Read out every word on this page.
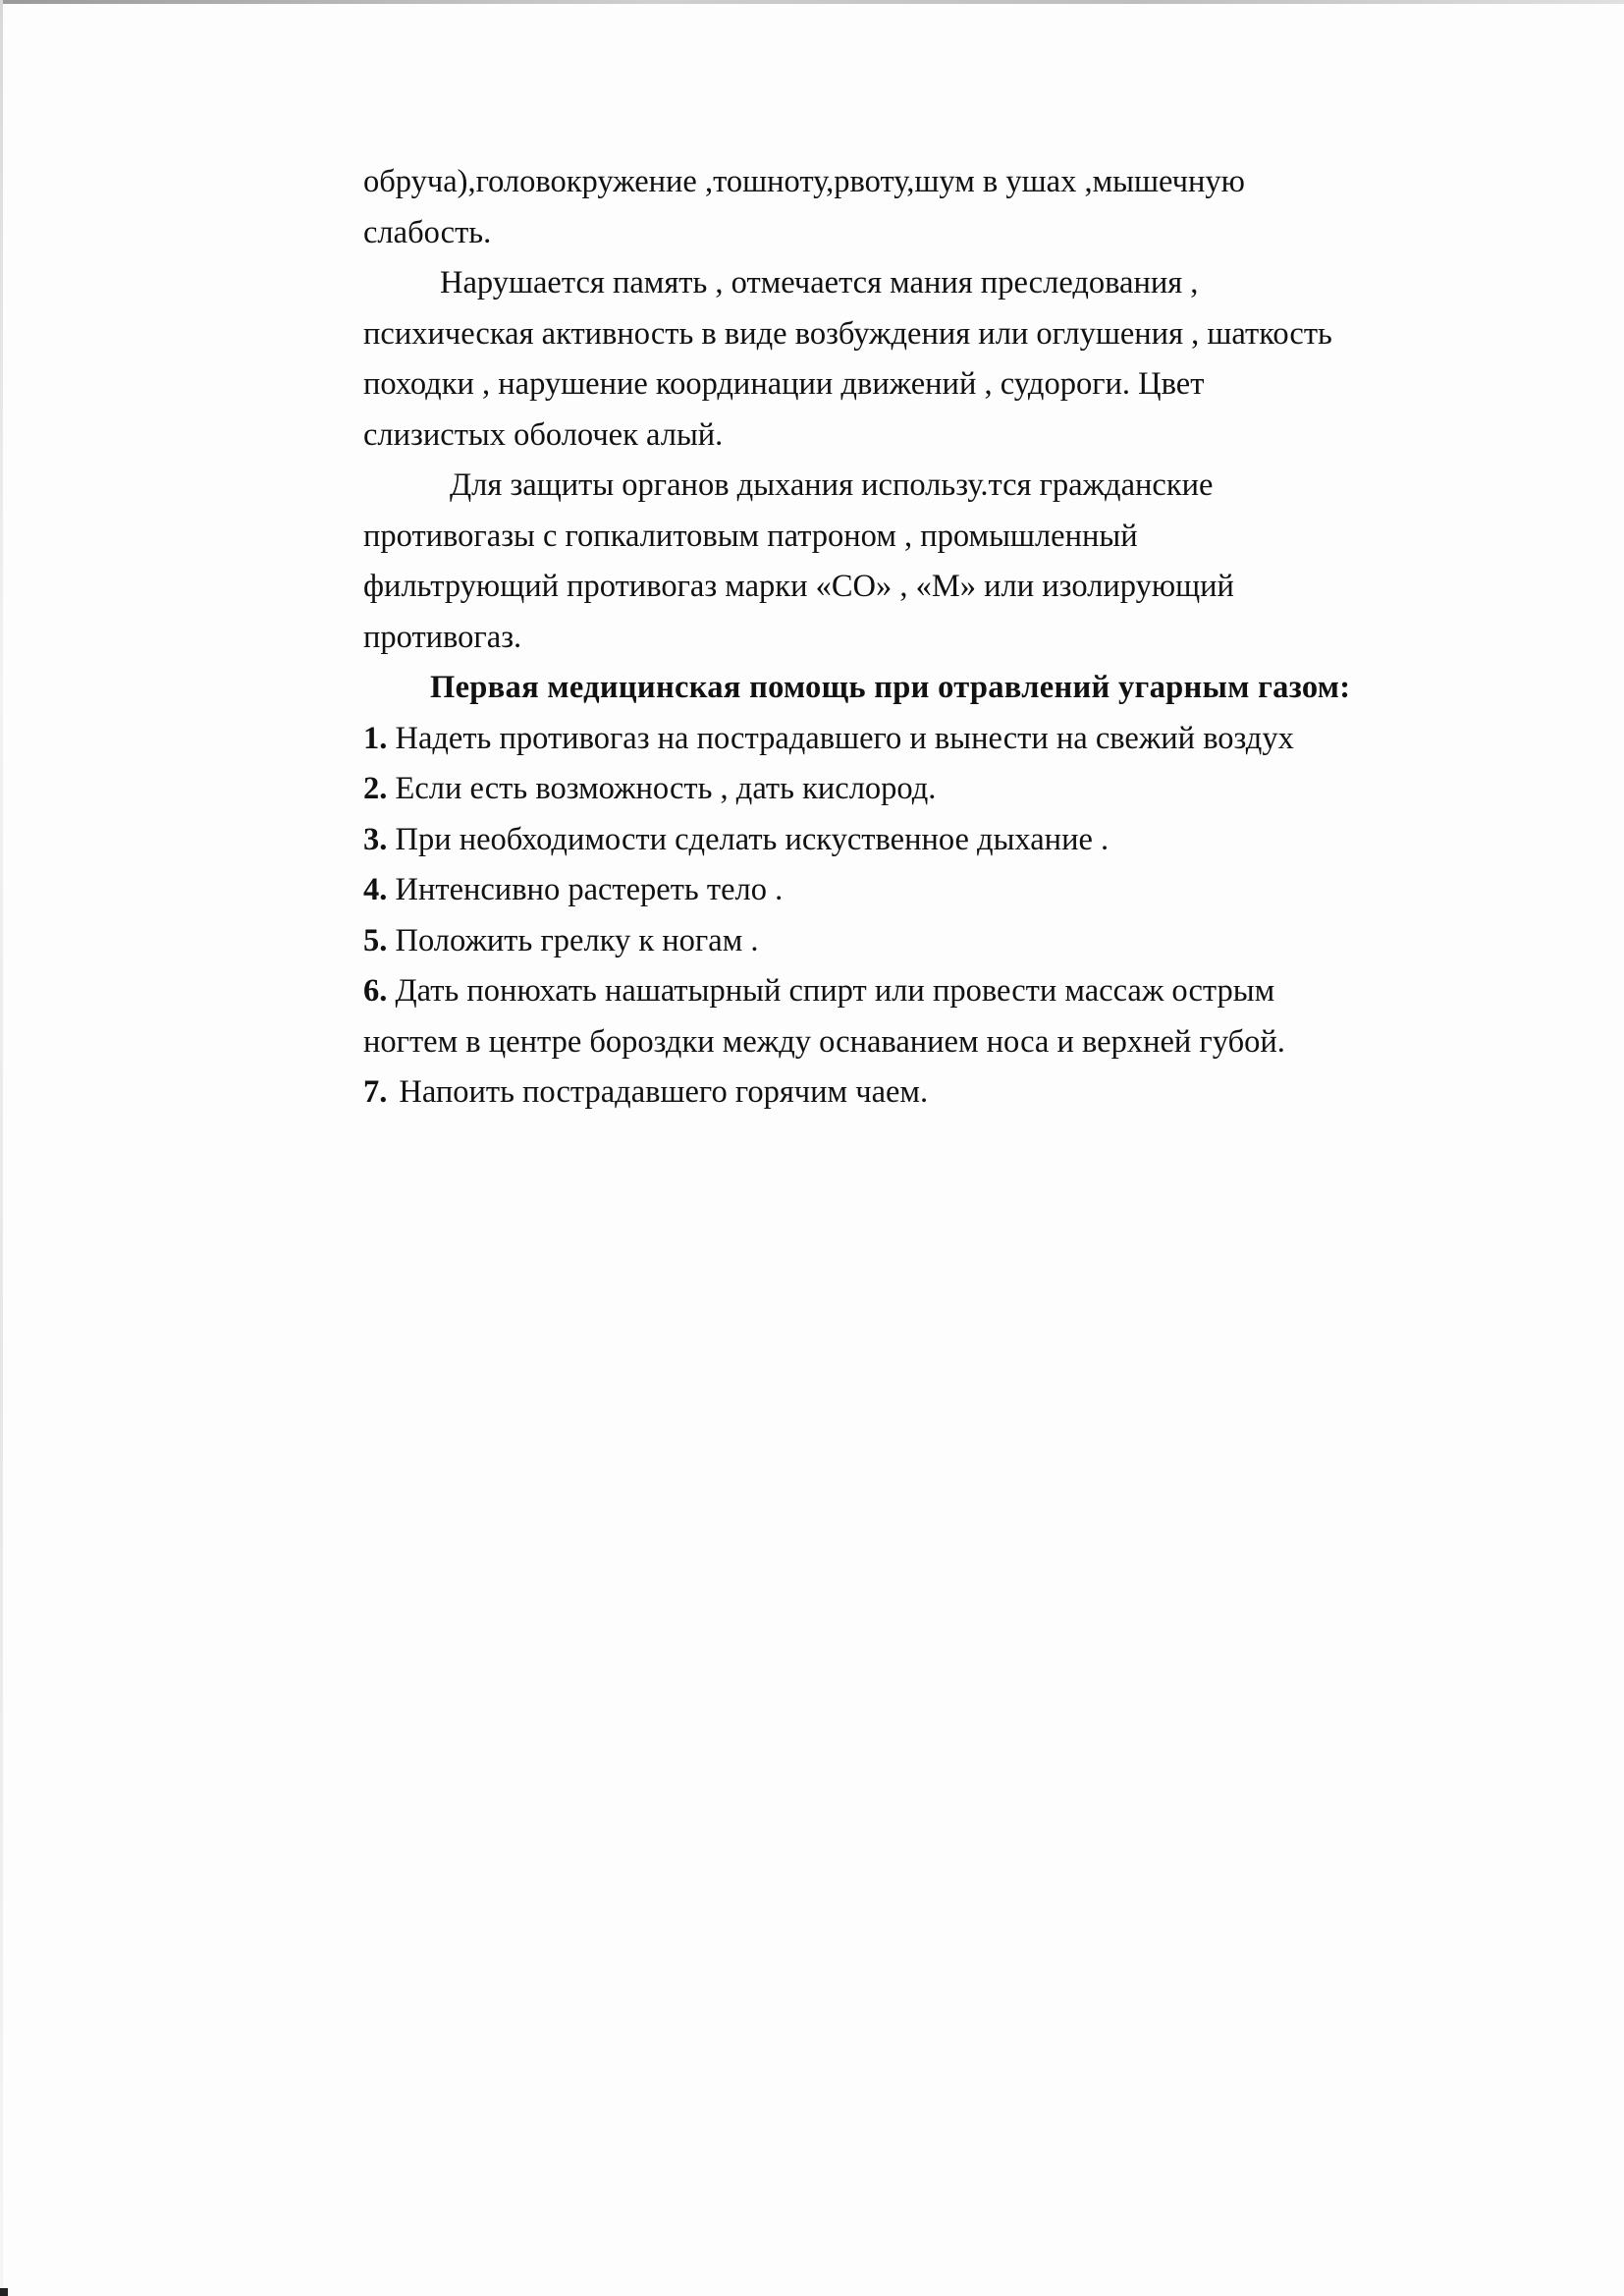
обруча),головокружение ,тошноту,рвоту,шум в ушах ,мышечную
слабость.
Нарушается память , отмечается мания преследования ,
психическая активность в виде возбуждения или оглушения , шаткость
походки , нарушение координации движений , судороги. Цвет
слизистых оболочек алый.
Для защиты органов дыхания использу.тся гражданские
противогазы с гопкалитовым патроном , промышленный
фильтрующий противогаз марки «СО» , «М» или изолирующий
противогаз.
Первая медицинская помощь при отравлений угарным газом:
1. Надеть противогаз на пострадавшего и вынести на свежий воздух
2. Если есть возможность , дать кислород.
3. При необходимости сделать искуственное дыхание .
4. Интенсивно растереть тело .
5. Положить грелку к ногам .
6. Дать понюхать нашатырный спирт или провести массаж острым
ногтем в центре бороздки между оснаванием носа и верхней губой.
7. Напоить пострадавшего горячим чаем.
